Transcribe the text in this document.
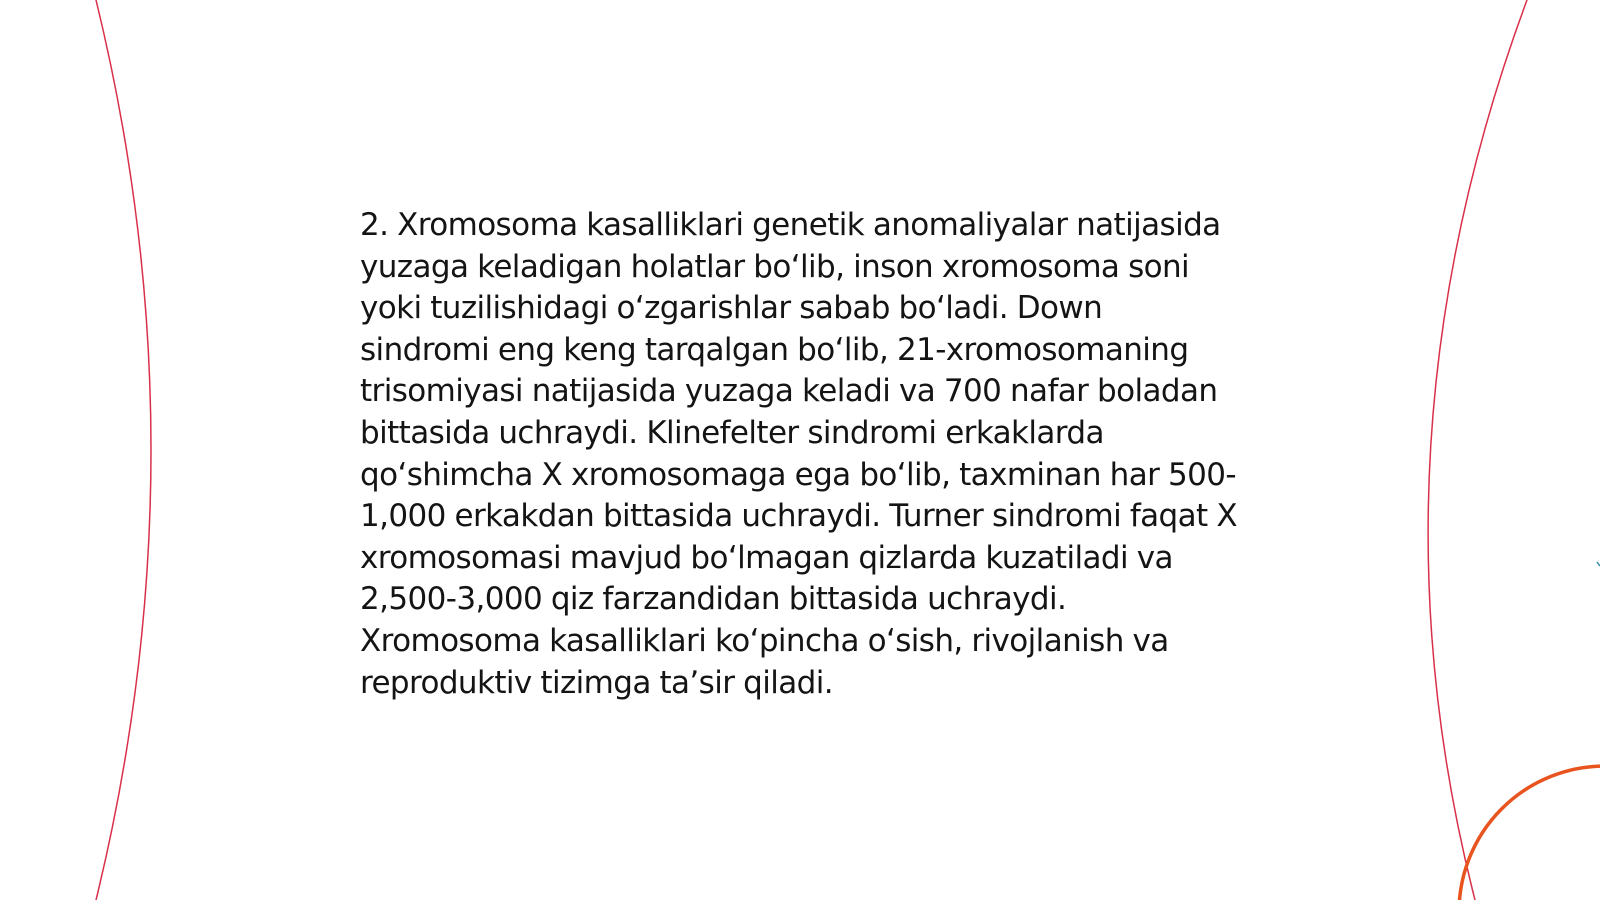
2. Xromosoma kasalliklari genetik anomaliyalar natijasida yuzaga keladigan holatlar bo‘lib, inson xromosoma soni yoki tuzilishidagi o‘zgarishlar sabab bo‘ladi. Down sindromi eng keng tarqalgan bo‘lib, 21-xromosomaning trisomiyasi natijasida yuzaga keladi va 700 nafar boladan bittasida uchraydi. Klinefelter sindromi erkaklarda qo‘shimcha X xromosomaga ega bo‘lib, taxminan har 500-1,000 erkakdan bittasida uchraydi. Turner sindromi faqat X xromosomasi mavjud bo‘lmagan qizlarda kuzatiladi va 2,500-3,000 qiz farzandidan bittasida uchraydi. Xromosoma kasalliklari ko‘pincha o‘sish, rivojlanish va reproduktiv tizimga ta’sir qiladi.
